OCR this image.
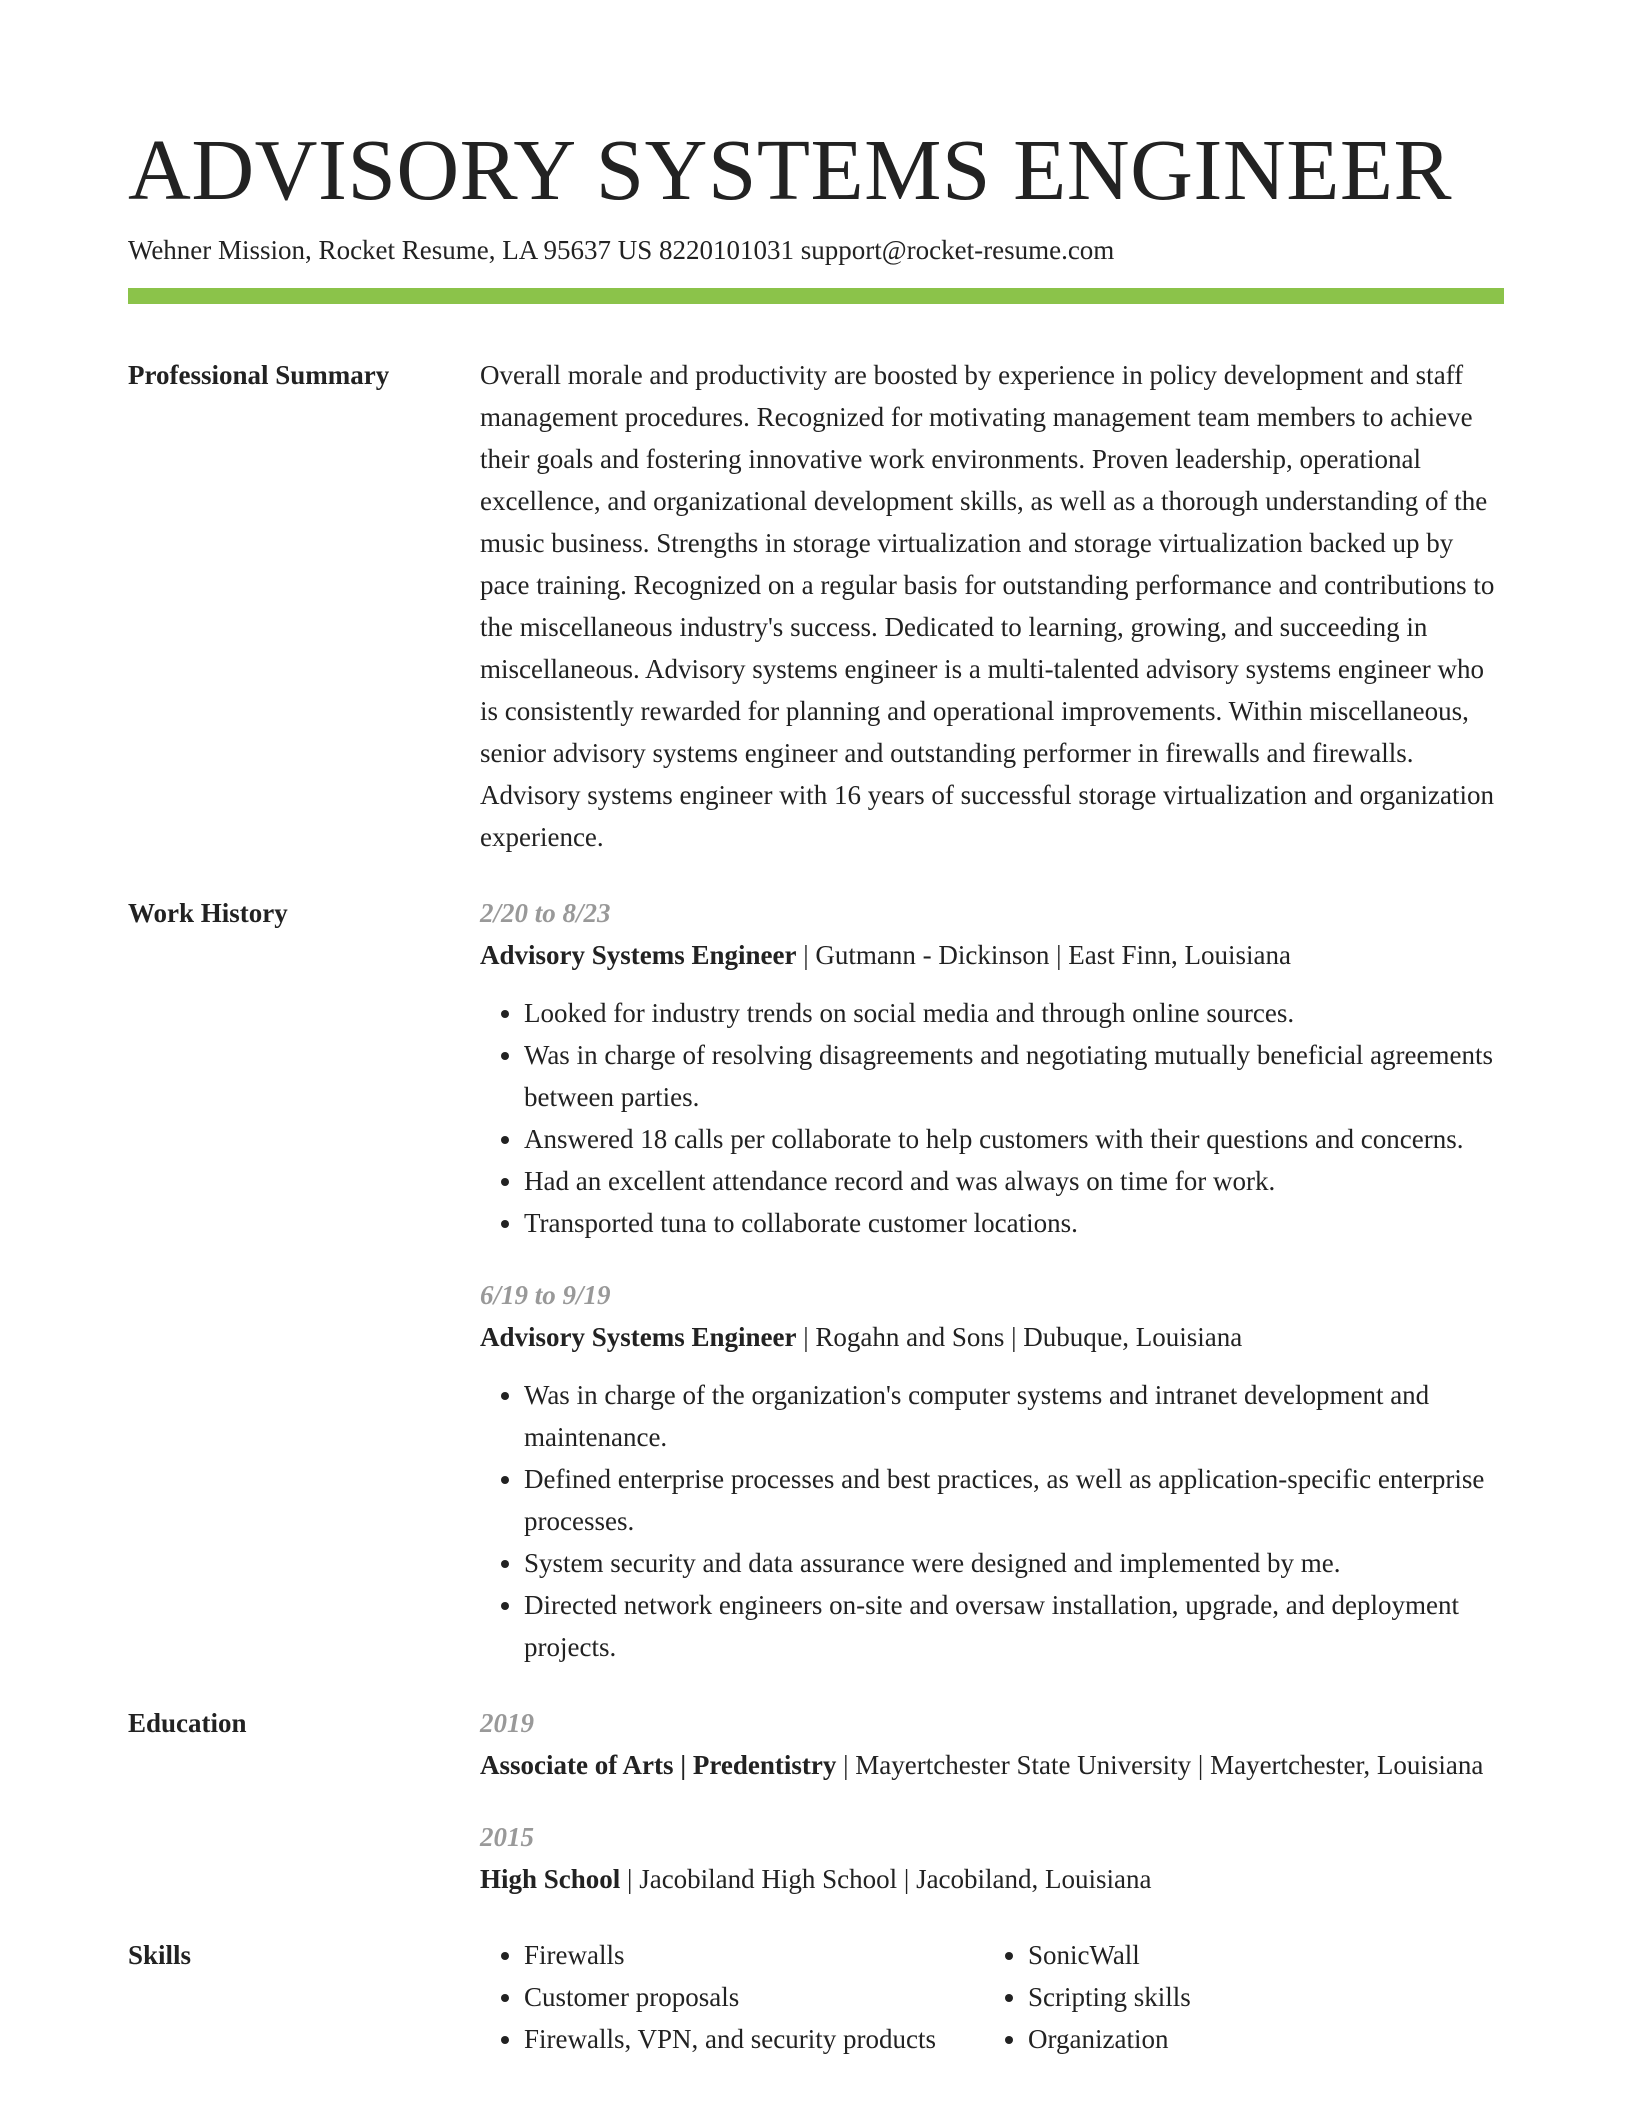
ADVISORY SYSTEMS ENGINEER
Wehner Mission, Rocket Resume, LA 95637 US 8220101031 support@rocket-resume.com
Professional Summary	Overall morale and productivity are boosted by experience in policy development and staff management procedures. Recognized for motivating management team members to achieve their goals and fostering innovative work environments. Proven leadership, operational excellence, and organizational development skills, as well as a thorough understanding of the music business. Strengths in storage virtualization and storage virtualization backed up by pace training. Recognized on a regular basis for outstanding performance and contributions to the miscellaneous industry's success. Dedicated to learning, growing, and succeeding in miscellaneous. Advisory systems engineer is a multi-talented advisory systems engineer who is consistently rewarded for planning and operational improvements. Within miscellaneous, senior advisory systems engineer and outstanding performer in firewalls and firewalls. Advisory systems engineer with 16 years of successful storage virtualization and organization experience.

Work History	2/20 to 8/23
Advisory Systems Engineer | Gutmann - Dickinson | East Finn, Louisiana
• Looked for industry trends on social media and through online sources.
• Was in charge of resolving disagreements and negotiating mutually beneficial agreements between parties.
• Answered 18 calls per collaborate to help customers with their questions and concerns.
• Had an excellent attendance record and was always on time for work.
• Transported tuna to collaborate customer locations.
6/19 to 9/19
Advisory Systems Engineer | Rogahn and Sons | Dubuque, Louisiana
• Was in charge of the organization's computer systems and intranet development and maintenance.
• Defined enterprise processes and best practices, as well as application-specific enterprise processes.
• System security and data assurance were designed and implemented by me.
• Directed network engineers on-site and oversaw installation, upgrade, and deployment projects.
Education	2019
Associate of Arts | Predentistry | Mayertchester State University | Mayertchester, Louisiana
2015
High School | Jacobiland High School | Jacobiland, Louisiana
Skills
•	Firewalls
• Customer proposals
• Firewalls, VPN, and security products
• SonicWall
• Scripting skills
• Organization
